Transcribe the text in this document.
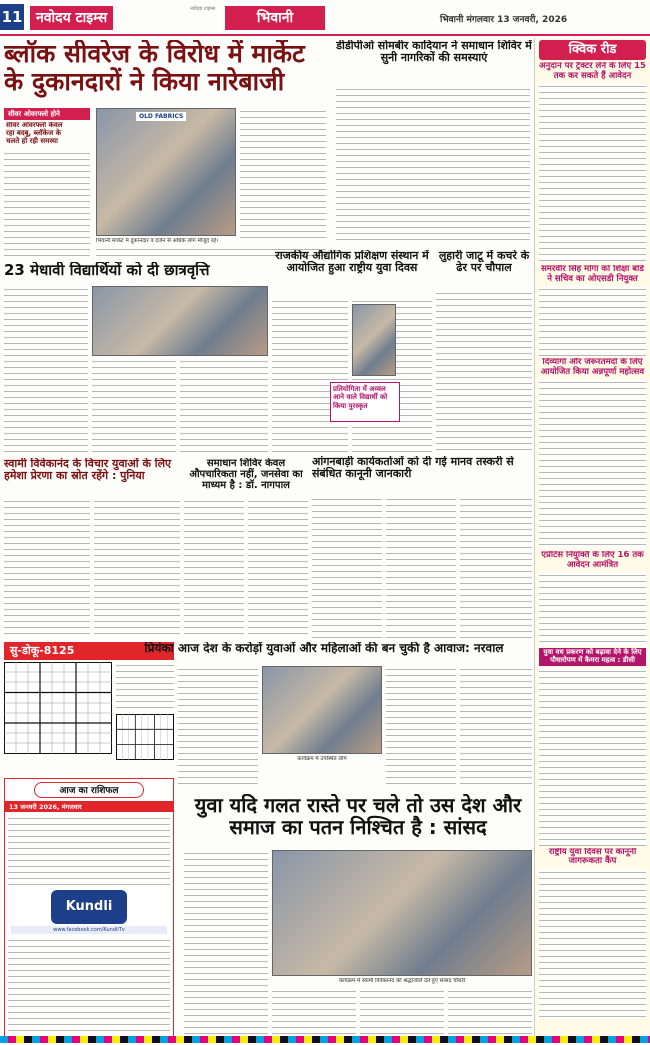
11 नवोदय टाइम्स
नवोदय टाइम्स
भिवानी	भिवानी मंगलवार 13 जनवरी, 2026
ब्लॉक सीवरेज के विरोध में मार्केट के दुकानदारों ने किया नारेबाजी
सीवर ओवरफ्लो होने
सीवर ओवरफ्लो केवल
रहा बदबू, ब्लॉकेज के
चलते हो रही समस्या
OLD FABRICS
भिवानी मार्केट में दुकानदार व दर्जन से अधिक लोग मौजूद रहे।
डीडीपीओ सोमबीर कादियान ने समाधान शिविर में सुनी नागरिकों की समस्याएं
क्विक रीड
अनुदान पर ट्रैक्टर लेने के लिए 15 तक कर सकते हैं आवेदन
समरवीर सिंह मोगा को शिक्षा बोर्ड ने सचिव का ओएसडी नियुक्त
दिव्यांगों और जरूरतमंदों के लिए आयोजित किया अन्नपूर्णा महोत्सव
एप्रेंटिस नियुक्ति के लिए 16 तक आवेदन आमंत्रित
युवा वध प्रकरण को बढ़ावा देने के लिए पौधारोपण में कैमरा महत्व : डीसी
राष्ट्रीय युवा दिवस पर कानूनी जागरूकता कैंप
23 मेधावी विद्यार्थियों को दी छात्रवृत्ति
राजकीय औद्योगिक प्रशिक्षण संस्थान में आयोजित हुआ राष्ट्रीय युवा दिवस
प्रतियोगिता में अव्वल आने वाले विद्यार्थी को किया पुरस्कृत
लुहारी जाटू में कचरे के ढेर पर चौपाल
स्वामी विवेकानंद के विचार युवाओं के लिए हमेशा प्रेरणा का स्रोत रहेंगे : पुनिया
समाधान शिविर केवल औपचारिकता नहीं, जनसेवा का माध्यम है : डॉ. नागपाल
आंगनबाड़ी कार्यकर्ताओं को दी गई मानव तस्करी से संबंधित कानूनी जानकारी
सु-डोकू-8125	प्रियंका आज देश के करोड़ों युवाओं और महिलाओं की बन चुकी है आवाज: नरवाल
कार्यक्रम में उपस्थित लोग
आज का राशिफल
13 जनवरी 2026, मंगलवार
Kundli
www.facebook.com/KundliTv
युवा यदि गलत रास्ते पर चले तो उस देश और समाज का पतन निश्चित है : सांसद
कार्यक्रम में स्वामी विवेकानंद को श्रद्धांजलि देते हुए सांसद चौधरी
